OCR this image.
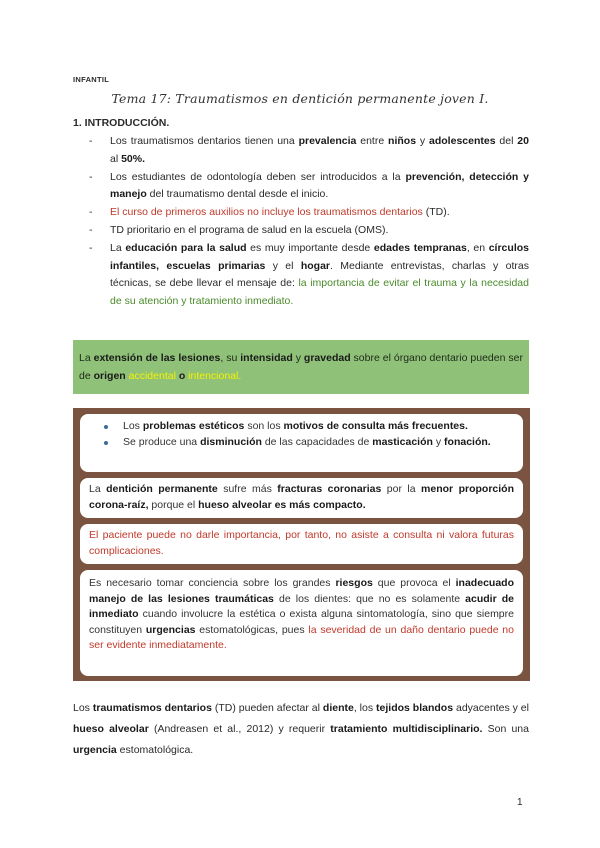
INFANTIL
Tema 17: Traumatismos en dentición permanente joven I.
1. INTRODUCCIÓN.
- Los traumatismos dentarios tienen una prevalencia entre niños y adolescentes del 20 al 50%.
- Los estudiantes de odontología deben ser introducidos a la prevención, detección y manejo del traumatismo dental desde el inicio.
- El curso de primeros auxilios no incluye los traumatismos dentarios (TD).
- TD prioritario en el programa de salud en la escuela (OMS).
- La educación para la salud es muy importante desde edades tempranas, en círculos infantiles, escuelas primarias y el hogar. Mediante entrevistas, charlas y otras técnicas, se debe llevar el mensaje de: la importancia de evitar el trauma y la necesidad de su atención y tratamiento inmediato.
La extensión de las lesiones, su intensidad y gravedad sobre el órgano dentario pueden ser de origen accidental o intencional.
Los problemas estéticos son los motivos de consulta más frecuentes.
Se produce una disminución de las capacidades de masticación y fonación.
La dentición permanente sufre más fracturas coronarias por la menor proporción corona-raíz, porque el hueso alveolar es más compacto.
El paciente puede no darle importancia, por tanto, no asiste a consulta ni valora futuras complicaciones.
Es necesario tomar conciencia sobre los grandes riesgos que provoca el inadecuado manejo de las lesiones traumáticas de los dientes: que no es solamente acudir de inmediato cuando involucre la estética o exista alguna sintomatología, sino que siempre constituyen urgencias estomatológicas, pues la severidad de un daño dentario puede no ser evidente inmediatamente.
Los traumatismos dentarios (TD) pueden afectar al diente, los tejidos blandos adyacentes y el hueso alveolar (Andreasen et al., 2012) y requerir tratamiento multidisciplinario. Son una urgencia estomatológica.
1
